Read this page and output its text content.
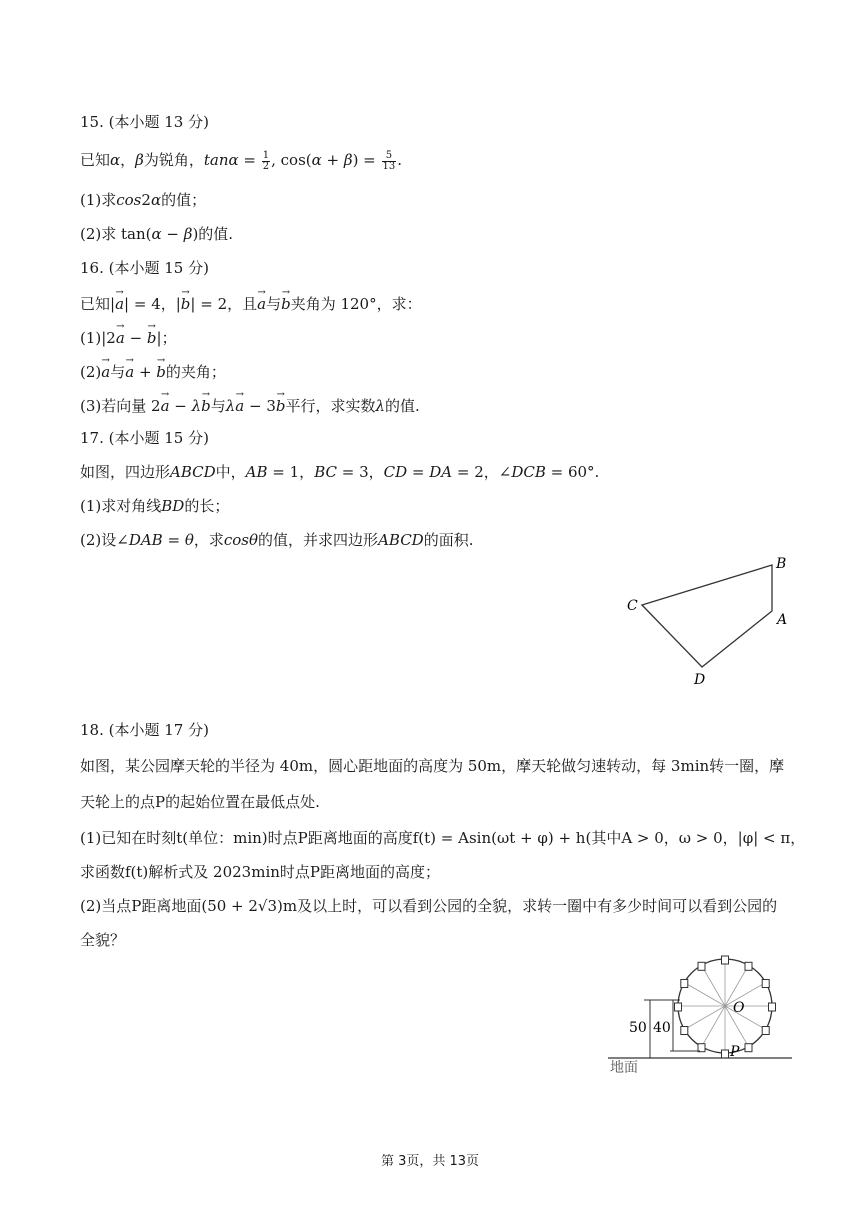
15. (本小题 13 分)
已知α，β为锐角，$\tan\alpha = \frac{1}{2}$ , $\cos(\alpha + \beta) = \frac{5}{13}$ .
(1)求cos2α的值；
(2)求 tan(α − β)的值.
16. (本小题 15 分)
已知|→ a| = 4，|→ b| = 2，且→ a与→ b夹角为 120°，求：
(1)|2→ a − → b|；
(2)→ a与→ a + → b的夹角；
(3)若向量 2→ a − λ→ b与λ→ a − 3→ b平行，求实数λ的值.
17. (本小题 15 分)
如图，四边形ABCD中，AB = 1，BC = 3，CD = DA = 2，∠DCB = 60°.
(1)求对角线BD的长；
(2)设∠DAB = θ，求cosθ的值，并求四边形ABCD的面积.
B
A
C
D
18. (本小题 17 分)
如图，某公园摩天轮的半径为 40m，圆心距地面的高度为 50m，摩天轮做匀速转动，每 3min转一圈，摩
天轮上的点P的起始位置在最低点处.
(1)已知在时刻t(单位：min)时点P距离地面的高度f(t) = Asin(ωt + φ) + h(其中A > 0，ω > 0，|φ| < π，
求函数f(t)解析式及 2023min时点P距离地面的高度；
(2)当点P距离地面(50 + 2√3)m及以上时，可以看到公园的全貌，求转一圈中有多少时间可以看到公园的
全貌？
50 40
O
P
地面
第 3页，共 13页
